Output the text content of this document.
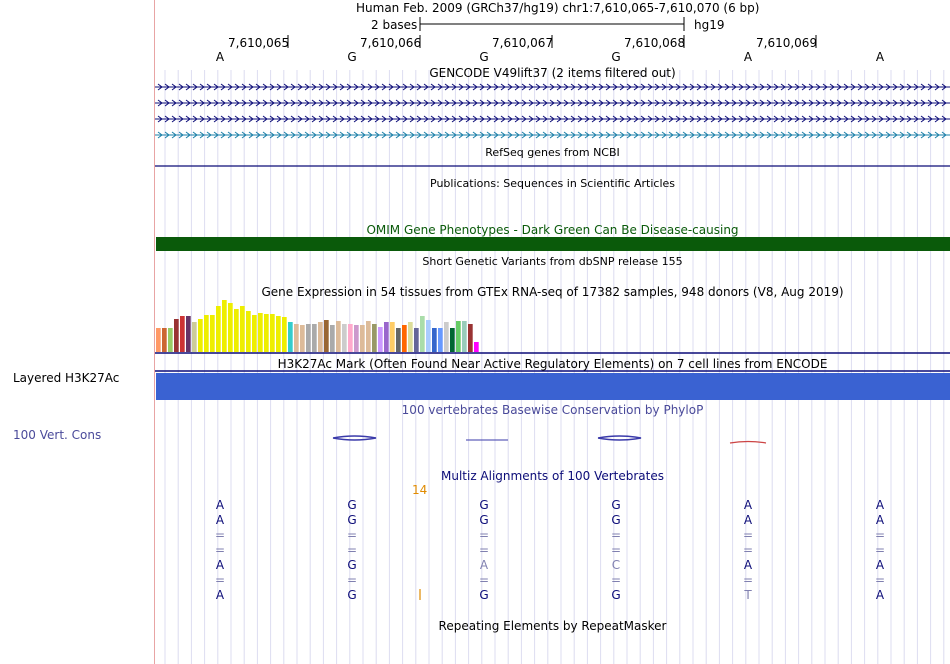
Layered H3K27Ac
100 Vert. Cons
Human Feb. 2009 (GRCh37/hg19) chr1:7,610,065-7,610,070 (6 bp)
2 bases	hg19
7,610,065	7,610,066	7,610,067	7,610,068	7,610,069
A	G	G	G	A	A
GENCODE V49lift37 (2 items filtered out)
RefSeq genes from NCBI
Publications: Sequences in Scientific Articles
OMIM Gene Phenotypes - Dark Green Can Be Disease-causing
Short Genetic Variants from dbSNP release 155
Gene Expression in 54 tissues from GTEx RNA-seq of 17382 samples, 948 donors (V8, Aug 2019)
H3K27Ac Mark (Often Found Near Active Regulatory Elements) on 7 cell lines from ENCODE
100 vertebrates Basewise Conservation by PhyloP
Multiz Alignments of 100 Vertebrates
14
Repeating Elements by RepeatMasker
A	G	G	G	A	A
A	G	G	G	A	A
=	=	=	=	=	=
=	=	=	=	=	=
A	G	A	C	A	A
=	=	=	=	=	=
A	G	G	G	T	A
